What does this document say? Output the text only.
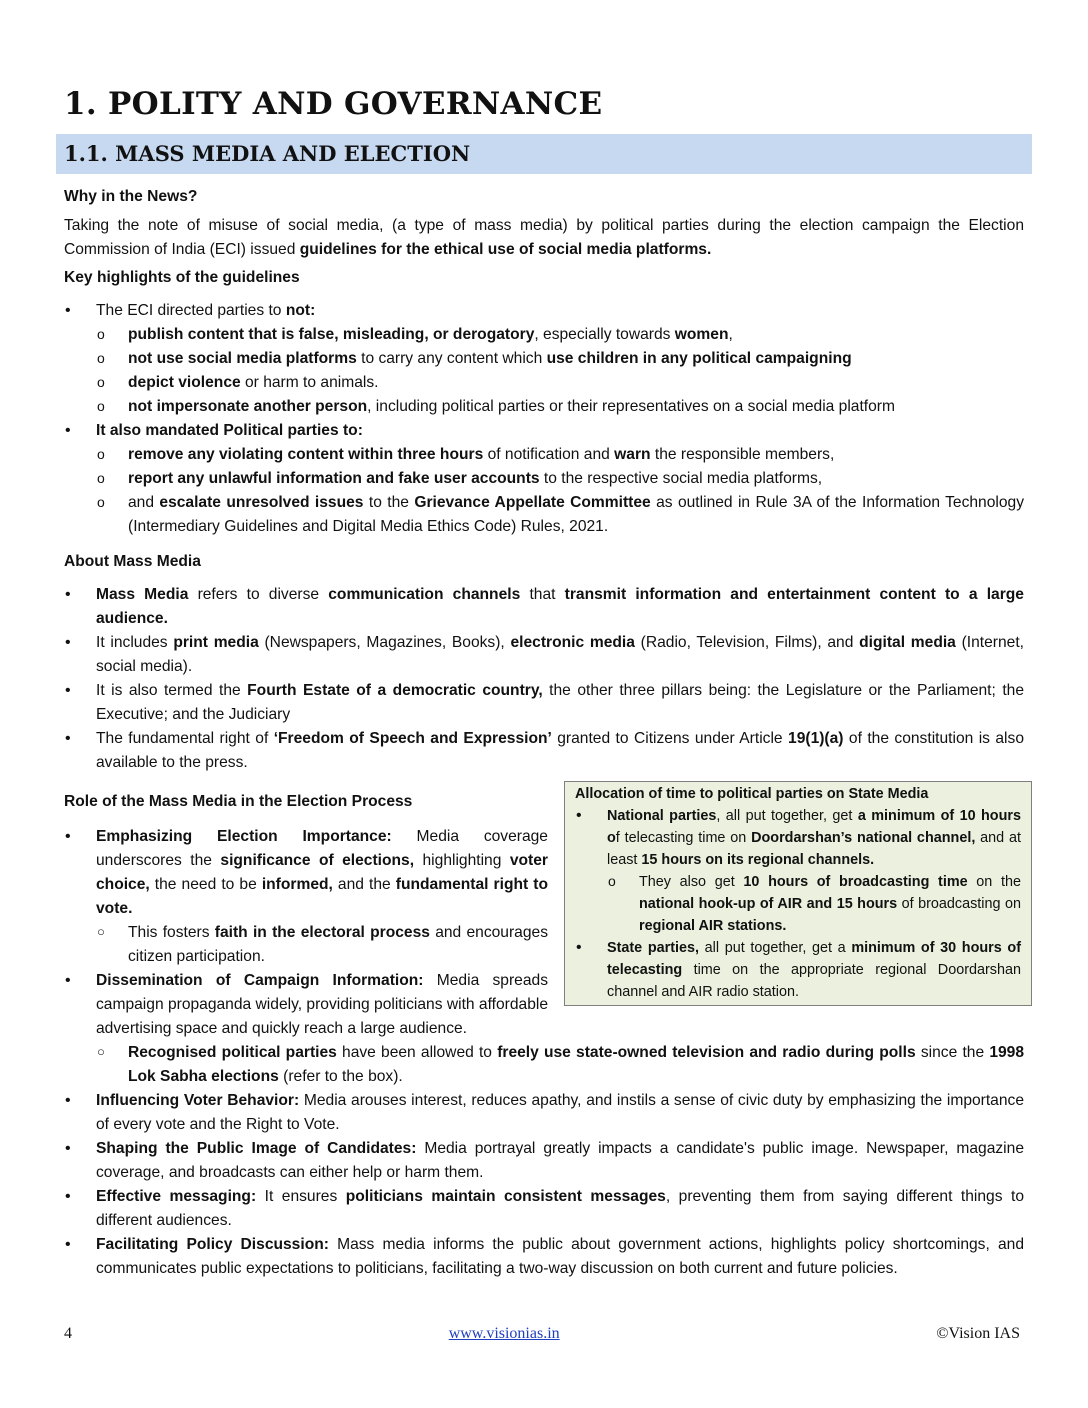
1. POLITY AND GOVERNANCE
1.1. MASS MEDIA AND ELECTION
Why in the News?

Taking the note of misuse of social media, (a type of mass media) by political parties during the election campaign the Election Commission of India (ECI) issued guidelines for the ethical use of social media platforms.

Key highlights of the guidelines
• The ECI directed parties to not:
o publish content that is false, misleading, or derogatory, especially towards women,
o not use social media platforms to carry any content which use children in any political campaigning
o depict violence or harm to animals.
o not impersonate another person, including political parties or their representatives on a social media platform
• It also mandated Political parties to:
o remove any violating content within three hours of notification and warn the responsible members,
o report any unlawful information and fake user accounts to the respective social media platforms,
o and escalate unresolved issues to the Grievance Appellate Committee as outlined in Rule 3A of the Information Technology (Intermediary Guidelines and Digital Media Ethics Code) Rules, 2021.
About Mass Media
• Mass Media refers to diverse communication channels that transmit information and entertainment content to a large audience.
• It includes print media (Newspapers, Magazines, Books), electronic media (Radio, Television, Films), and digital media (Internet, social media).
• It is also termed the Fourth Estate of a democratic country, the other three pillars being: the Legislature or the Parliament; the Executive; and the Judiciary
• The fundamental right of ‘Freedom of Speech and Expression’ granted to Citizens under Article 19(1)(a) of the constitution is also available to the press.
Allocation of time to political parties on State Media
• National parties, all put together, get a minimum of 10 hours of telecasting time on Doordarshan’s national channel, and at least 15 hours on its regional channels.
o They also get 10 hours of broadcasting time on the national hook-up of AIR and 15 hours of broadcasting on regional AIR stations.
• State parties, all put together, get a minimum of 30 hours of telecasting time on the appropriate regional Doordarshan channel and AIR radio station.
Role of the Mass Media in the Election Process
• Emphasizing Election Importance: Media coverage underscores the significance of elections, highlighting voter choice, the need to be informed, and the fundamental right to vote.
○ This fosters faith in the electoral process and encourages citizen participation.
• Dissemination of Campaign Information: Media spreads campaign propaganda widely, providing politicians with affordable advertising space and quickly reach a large audience.
○ Recognised political parties have been allowed to freely use state-owned television and radio during polls since the 1998 Lok Sabha elections (refer to the box).
• Influencing Voter Behavior: Media arouses interest, reduces apathy, and instils a sense of civic duty by emphasizing the importance of every vote and the Right to Vote.
• Shaping the Public Image of Candidates: Media portrayal greatly impacts a candidate's public image. Newspaper, magazine coverage, and broadcasts can either help or harm them.
• Effective messaging: It ensures politicians maintain consistent messages, preventing them from saying different things to different audiences.
• Facilitating Policy Discussion: Mass media informs the public about government actions, highlights policy shortcomings, and communicates public expectations to politicians, facilitating a two-way discussion on both current and future policies.
4	www.visionias.in	©Vision IAS
